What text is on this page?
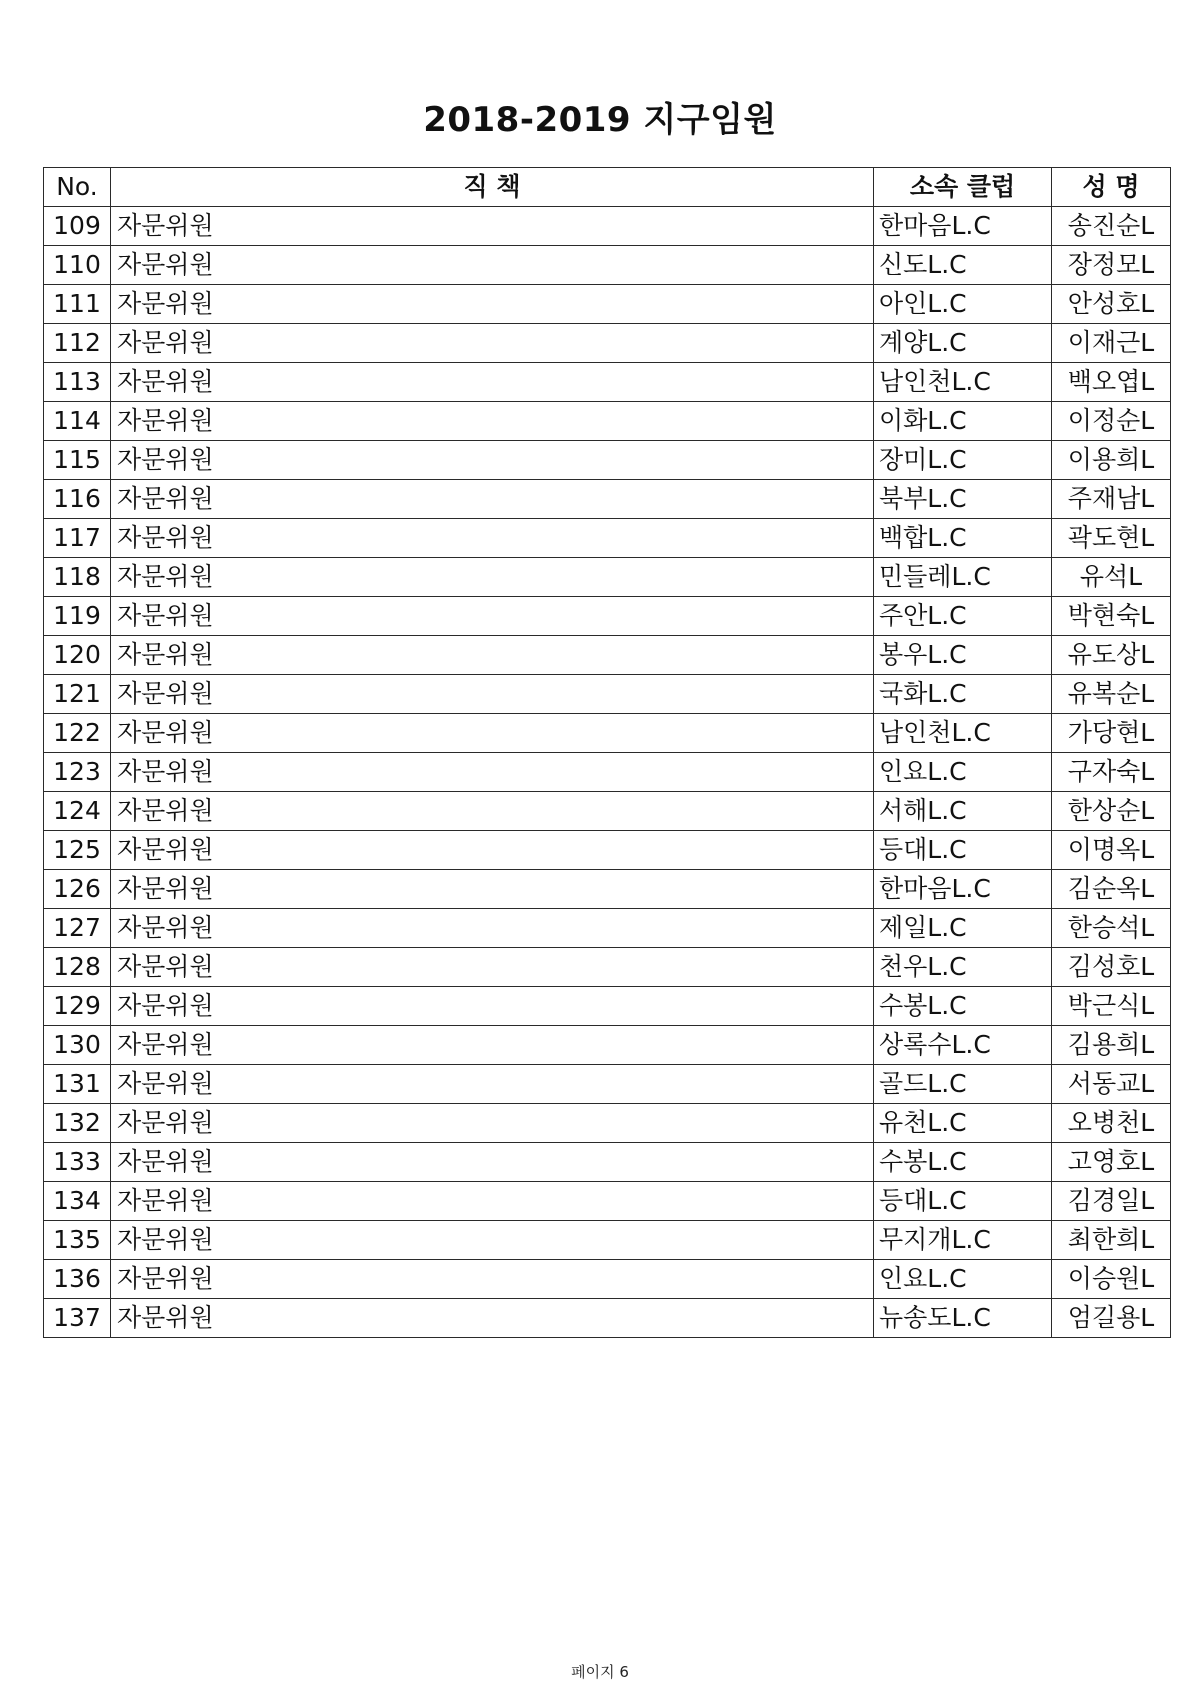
2018-2019 지구임원
No.	직 책	소속 클럽	성 명
109	자문위원	한마음L.C	송진순L
110	자문위원	신도L.C	장정모L
111	자문위원	아인L.C	안성호L
112	자문위원	계양L.C	이재근L
113	자문위원	남인천L.C	백오엽L
114	자문위원	이화L.C	이정순L
115	자문위원	장미L.C	이용희L
116	자문위원	북부L.C	주재남L
117	자문위원	백합L.C	곽도현L
118	자문위원	민들레L.C	유석L
119	자문위원	주안L.C	박현숙L
120	자문위원	봉우L.C	유도상L
121	자문위원	국화L.C	유복순L
122	자문위원	남인천L.C	가당현L
123	자문위원	인요L.C	구자숙L
124	자문위원	서해L.C	한상순L
125	자문위원	등대L.C	이명옥L
126	자문위원	한마음L.C	김순옥L
127	자문위원	제일L.C	한승석L
128	자문위원	천우L.C	김성호L
129	자문위원	수봉L.C	박근식L
130	자문위원	상록수L.C	김용희L
131	자문위원	골드L.C	서동교L
132	자문위원	유천L.C	오병천L
133	자문위원	수봉L.C	고영호L
134	자문위원	등대L.C	김경일L
135	자문위원	무지개L.C	최한희L
136	자문위원	인요L.C	이승원L
137	자문위원	뉴송도L.C	엄길용L
페이지 6
